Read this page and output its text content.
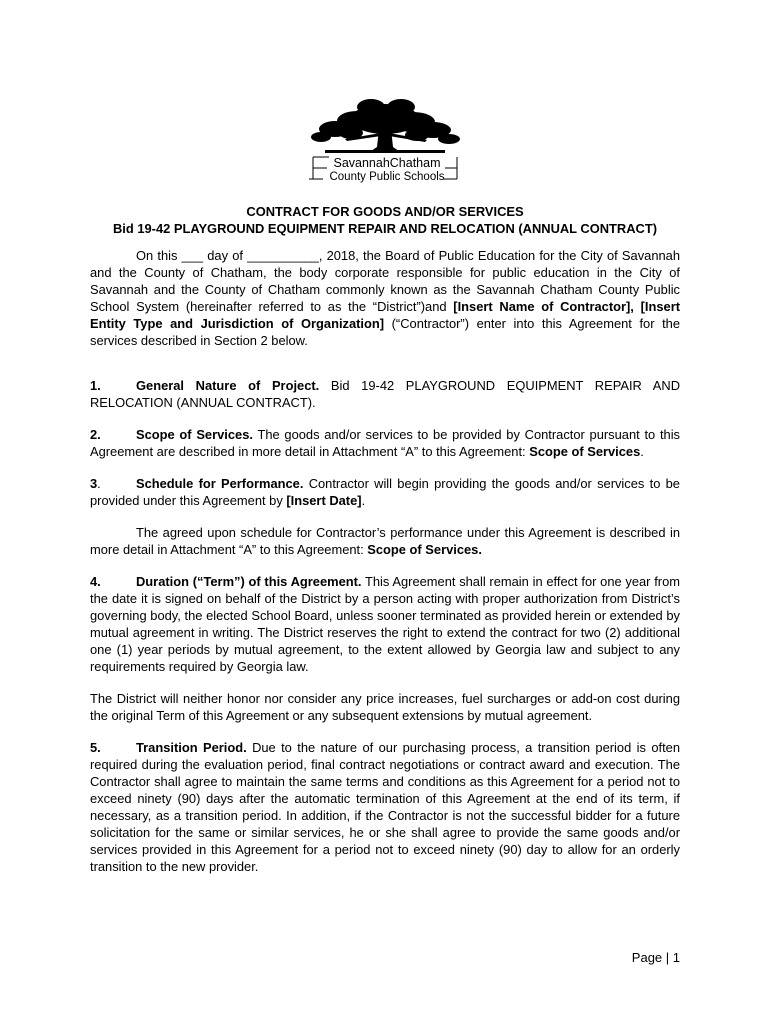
SavannahChatham
County Public Schools

CONTRACT FOR GOODS AND/OR SERVICES

Bid 19-42 PLAYGROUND EQUIPMENT REPAIR AND RELOCATION (ANNUAL CONTRACT)

On this ___ day of __________, 2018, the Board of Public Education for the City of Savannah and the County of Chatham, the body corporate responsible for public education in the City of Savannah and the County of Chatham commonly known as the Savannah Chatham County Public School System (hereinafter referred to as the “District”)and [Insert Name of Contractor], [Insert Entity Type and Jurisdiction of Organization] (“Contractor”) enter into this Agreement for the services described in Section 2 below.

1.	General Nature of Project. Bid 19-42 PLAYGROUND EQUIPMENT REPAIR AND RELOCATION (ANNUAL CONTRACT).

2.	Scope of Services. The goods and/or services to be provided by Contractor pursuant to this Agreement are described in more detail in Attachment “A” to this Agreement: Scope of Services.

3.	Schedule for Performance. Contractor will begin providing the goods and/or services to be provided under this Agreement by [Insert Date].

The agreed upon schedule for Contractor’s performance under this Agreement is described in more detail in Attachment “A” to this Agreement: Scope of Services.

4.	Duration (“Term”) of this Agreement. This Agreement shall remain in effect for one year from the date it is signed on behalf of the District by a person acting with proper authorization from District’s governing body, the elected School Board, unless sooner terminated as provided herein or extended by mutual agreement in writing. The District reserves the right to extend the contract for two (2) additional one (1) year periods by mutual agreement, to the extent allowed by Georgia law and subject to any requirements required by Georgia law.

The District will neither honor nor consider any price increases, fuel surcharges or add-on cost during the original Term of this Agreement or any subsequent extensions by mutual agreement.

5.	Transition Period. Due to the nature of our purchasing process, a transition period is often required during the evaluation period, final contract negotiations or contract award and execution. The Contractor shall agree to maintain the same terms and conditions as this Agreement for a period not to exceed ninety (90) days after the automatic termination of this Agreement at the end of its term, if necessary, as a transition period. In addition, if the Contractor is not the successful bidder for a future solicitation for the same or similar services, he or she shall agree to provide the same goods and/or services provided in this Agreement for a period not to exceed ninety (90) day to allow for an orderly transition to the new provider.

Page | 1
